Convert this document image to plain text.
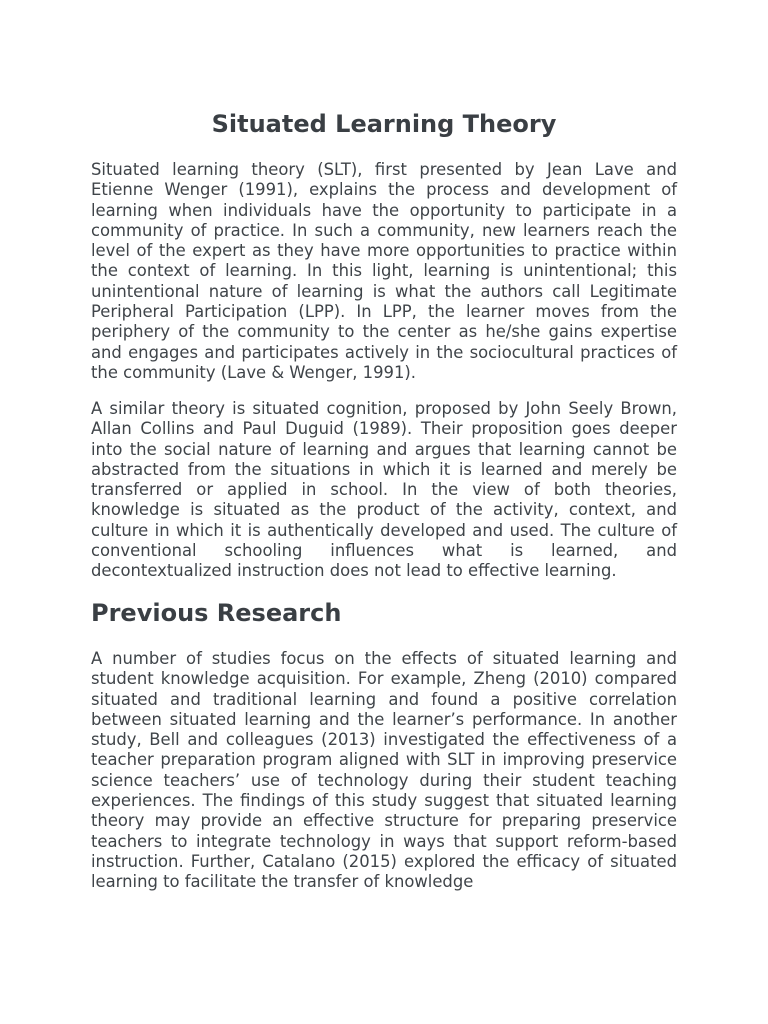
Situated Learning Theory

Situated learning theory (SLT), first presented by Jean Lave and Etienne Wenger (1991), explains the process and development of learning when individuals have the opportunity to participate in a community of practice. In such a community, new learners reach the level of the expert as they have more opportunities to practice within the context of learning. In this light, learning is unintentional; this unintentional nature of learning is what the authors call Legitimate Peripheral Participation (LPP). In LPP, the learner moves from the periphery of the community to the center as he/she gains expertise and engages and participates actively in the sociocultural practices of the community (Lave & Wenger, 1991).

A similar theory is situated cognition, proposed by John Seely Brown, Allan Collins and Paul Duguid (1989). Their proposition goes deeper into the social nature of learning and argues that learning cannot be abstracted from the situations in which it is learned and merely be transferred or applied in school. In the view of both theories, knowledge is situated as the product of the activity, context, and culture in which it is authentically developed and used. The culture of conventional schooling influences what is learned, and decontextualized instruction does not lead to effective learning.

Previous Research

A number of studies focus on the effects of situated learning and student knowledge acquisition. For example, Zheng (2010) compared situated and traditional learning and found a positive correlation between situated learning and the learner’s performance. In another study, Bell and colleagues (2013) investigated the effectiveness of a teacher preparation program aligned with SLT in improving preservice science teachers’ use of technology during their student teaching experiences. The findings of this study suggest that situated learning theory may provide an effective structure for preparing preservice teachers to integrate technology in ways that support reform-based instruction. Further, Catalano (2015) explored the efficacy of situated learning to facilitate the transfer of knowledge
